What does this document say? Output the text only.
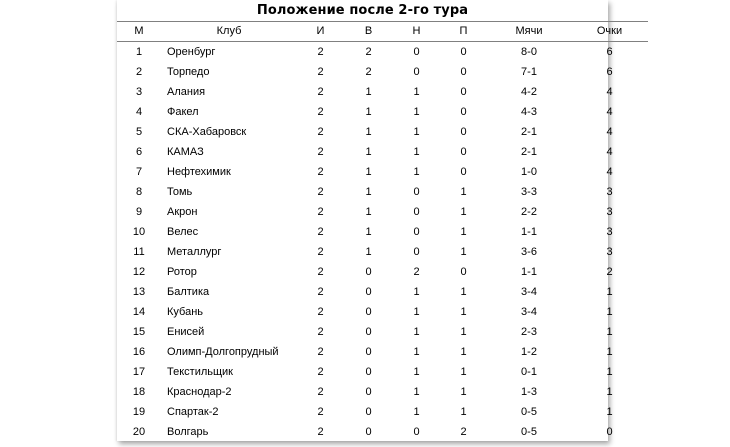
Положение после 2-го тура
М	Клуб	И	В	Н	П	Мячи	Очки
1	Оренбург	2	2	0	0	8-0	6
2	Торпедо	2	2	0	0	7-1	6
3	Алания	2	1	1	0	4-2	4
4	Факел	2	1	1	0	4-3	4
5	СКА-Хабаровск	2	1	1	0	2-1	4
6	КАМАЗ	2	1	1	0	2-1	4
7	Нефтехимик	2	1	1	0	1-0	4
8	Томь	2	1	0	1	3-3	3
9	Акрон	2	1	0	1	2-2	3
10	Велес	2	1	0	1	1-1	3
11	Металлург	2	1	0	1	3-6	3
12	Ротор	2	0	2	0	1-1	2
13	Балтика	2	0	1	1	3-4	1
14	Кубань	2	0	1	1	3-4	1
15	Енисей	2	0	1	1	2-3	1
16	Олимп-Долгопрудный	2	0	1	1	1-2	1
17	Текстильщик	2	0	1	1	0-1	1
18	Краснодар-2	2	0	1	1	1-3	1
19	Спартак-2	2	0	1	1	0-5	1
20	Волгарь	2	0	0	2	0-5	0
